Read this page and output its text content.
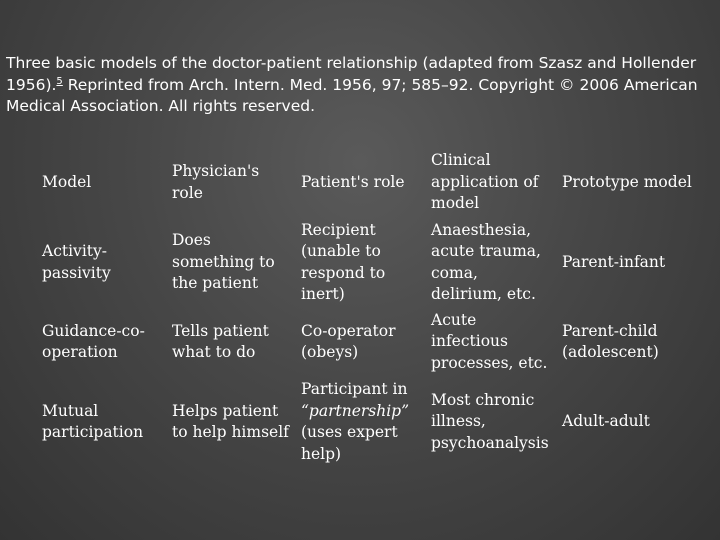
Three basic models of the doctor-patient relationship (adapted from Szasz and Hollender
1956).$^5$ Reprinted from Arch. Intern. Med. 1956, 97; 585–92. Copyright © 2006 American
Medical Association. All rights reserved.
Model	Physician's role	Patient's role	Clinical application of model	Prototype model
Activity-passivity	Does something to the patient	Recipient (unable to respond to inert)	Anaesthesia, acute trauma, coma, delirium, etc.	Parent-infant
Guidance-co-operation	Tells patient what to do	Co-operator (obeys)	Acute infectious processes, etc.	Parent-child (adolescent)
Mutual participation	Helps patient to help himself	Participant in “partnership” (uses expert help)	Most chronic illness, psychoanalysis	Adult-adult
